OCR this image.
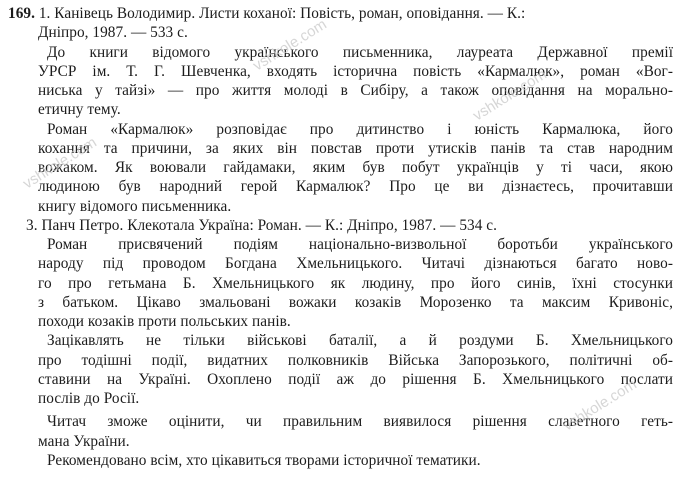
169. 1. Канівець Володимир. Листи коханої: Повість, роман, оповідання. — К.:
Дніпро, 1987. — 533 с.
До книги відомого українського письменника, лауреата Державної премії
УРСР ім. Т. Г. Шевченка, входять історична повість «Кармалюк», роман «Вог-
ниська у тайзі» — про життя молоді в Сибіру, а також оповідання на морально-
етичну тему.
Роман «Кармалюк» розповідає про дитинство і юність Кармалюка, його
кохання та причини, за яких він повстав проти утисків панів та став народним
вожаком. Як воювали гайдамаки, яким був побут українців у ті часи, якою
людиною був народний герой Кармалюк? Про це ви дізнаєтесь, прочитавши
книгу відомого письменника.
3. Панч Петро. Клекотала Україна: Роман. — К.: Дніпро, 1987. — 534 с.
Роман присвячений подіям національно-визвольної боротьби українського
народу під проводом Богдана Хмельницького. Читачі дізнаються багато ново-
го про гетьмана Б. Хмельницького як людину, про його синів, їхні стосунки
з батьком. Цікаво змальовані вожаки козаків Морозенко та максим Кривоніс,
походи козаків проти польських панів.
Зацікавлять не тільки військові баталії, а й роздуми Б. Хмельницького
про тодішні події, видатних полковників Війська Запорозького, політичні об-
ставини на Україні. Охоплено події аж до рішення Б. Хмельницького послати
послів до Росії.
Читач зможе оцінити, чи правильним виявилося рішення славетного геть-
мана України.
Рекомендовано всім, хто цікавиться творами історичної тематики.
vshkole.com
vshkole.com
vshkole.com
vshkole.com
